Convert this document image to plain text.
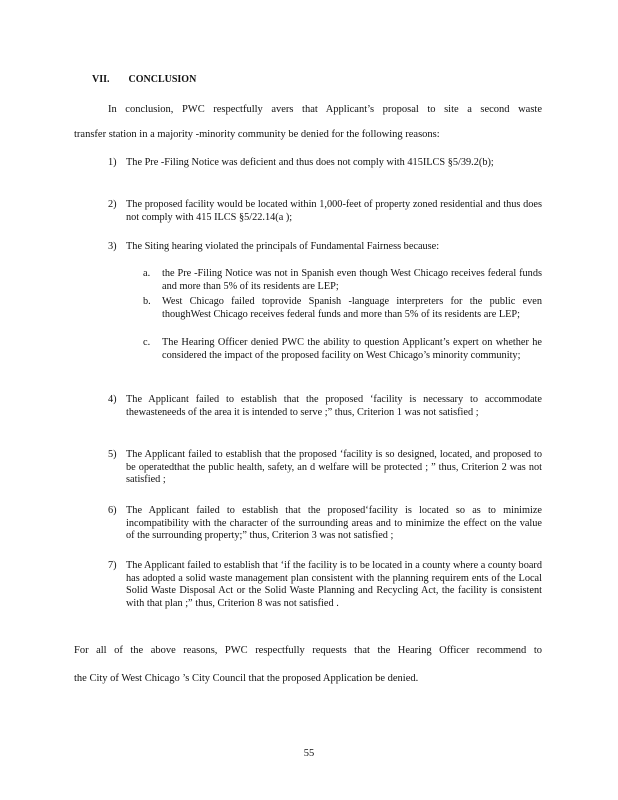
VII. CONCLUSION
In conclusion, PWC respectfully avers that Applicant’s proposal to site a second waste
transfer station in a majority -minority community be denied for the following reasons:
1) The Pre -Filing Notice was deficient and thus does not comply with 415ILCS §5/39.2(b);
2) The proposed facility would be located within 1,000-feet of property zoned residential and thus does not comply with 415 ILCS §5/22.14(a );
3) The Siting hearing violated the principals of Fundamental Fairness because:
a. the Pre -Filing Notice was not in Spanish even though West Chicago receives federal funds and more than 5% of its residents are LEP;
b. West Chicago failed toprovide Spanish -language interpreters for the public even thoughWest Chicago receives federal funds and more than 5% of its residents are LEP;
c. The Hearing Officer denied PWC the ability to question Applicant’s expert on whether he considered the impact of the proposed facility on West Chicago’s minority community;
4) The Applicant failed to establish that the proposed ‘facility is necessary to accommodate thewasteneeds of the area it is intended to serve ;” thus, Criterion 1 was not satisfied ;
5) The Applicant failed to establish that the proposed ‘facility is so designed, located, and proposed to be operatedthat the public health, safety, an d welfare will be protected ; ” thus, Criterion 2 was not satisfied ;
6) The Applicant failed to establish that the proposed‘facility is located so as to minimize incompatibility with the character of the surrounding areas and to minimize the effect on the value of the surrounding property;” thus, Criterion 3 was not satisfied ;
7) The Applicant failed to establish that ‘if the facility is to be located in a county where a county board has adopted a solid waste management plan consistent with the planning requirem ents of the Local Solid Waste Disposal Act or the Solid Waste Planning and Recycling Act, the facility is consistent with that plan ;” thus, Criterion 8 was not satisfied .
For all of the above reasons, PWC respectfully requests that the Hearing Officer recommend to
the City of West Chicago ’s City Council that the proposed Application be denied.
55
